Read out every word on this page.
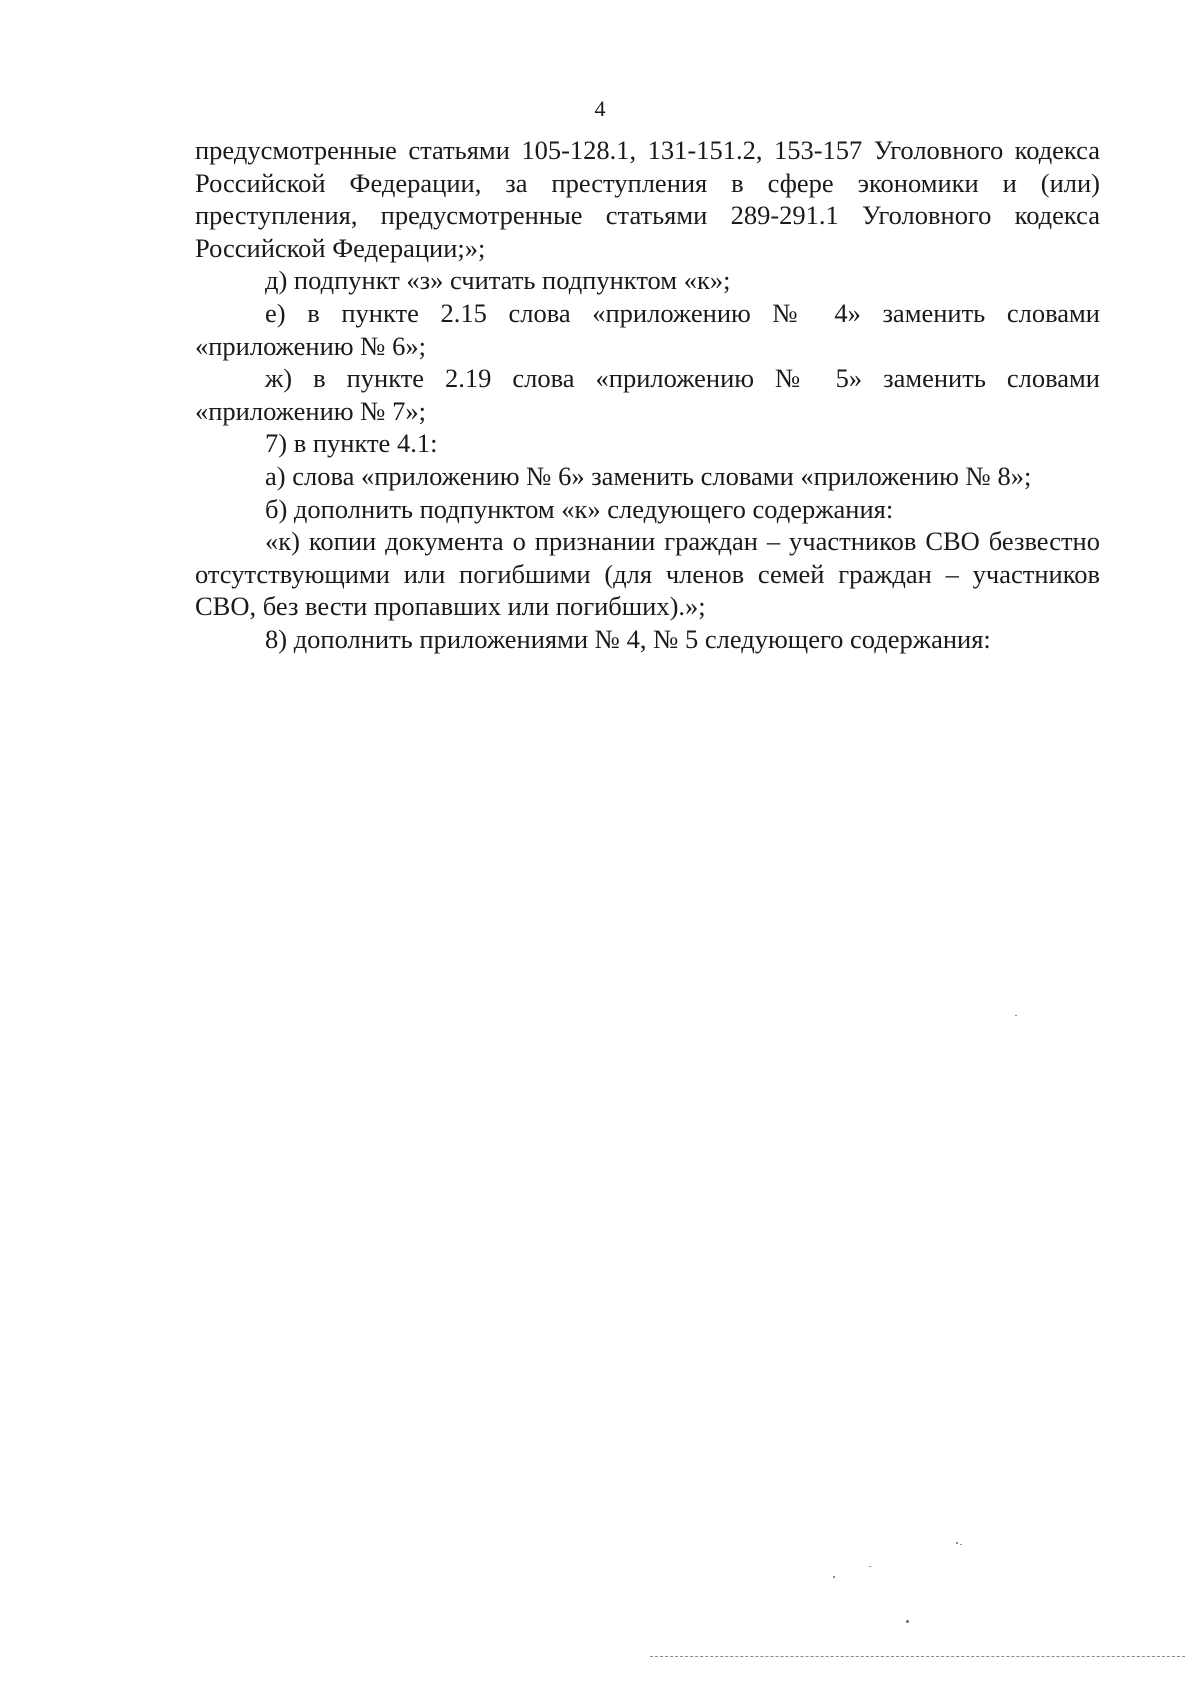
4

предусмотренные статьями 105-128.1, 131-151.2, 153-157 Уголовного кодекса Российской Федерации, за преступления в сфере экономики и (или) преступления, предусмотренные статьями 289-291.1 Уголовного кодекса Российской Федерации;»;

д) подпункт «з» считать подпунктом «к»;

е) в пункте 2.15 слова «приложению № 4» заменить словами «приложению № 6»;

ж) в пункте 2.19 слова «приложению № 5» заменить словами «приложению № 7»;

7) в пункте 4.1:

а) слова «приложению № 6» заменить словами «приложению № 8»;

б) дополнить подпунктом «к» следующего содержания:

«к) копии документа о признании граждан – участников СВО безвестно отсутствующими или погибшими (для членов семей граждан – участников СВО, без вести пропавших или погибших).»;

8) дополнить приложениями № 4, № 5 следующего содержания:
